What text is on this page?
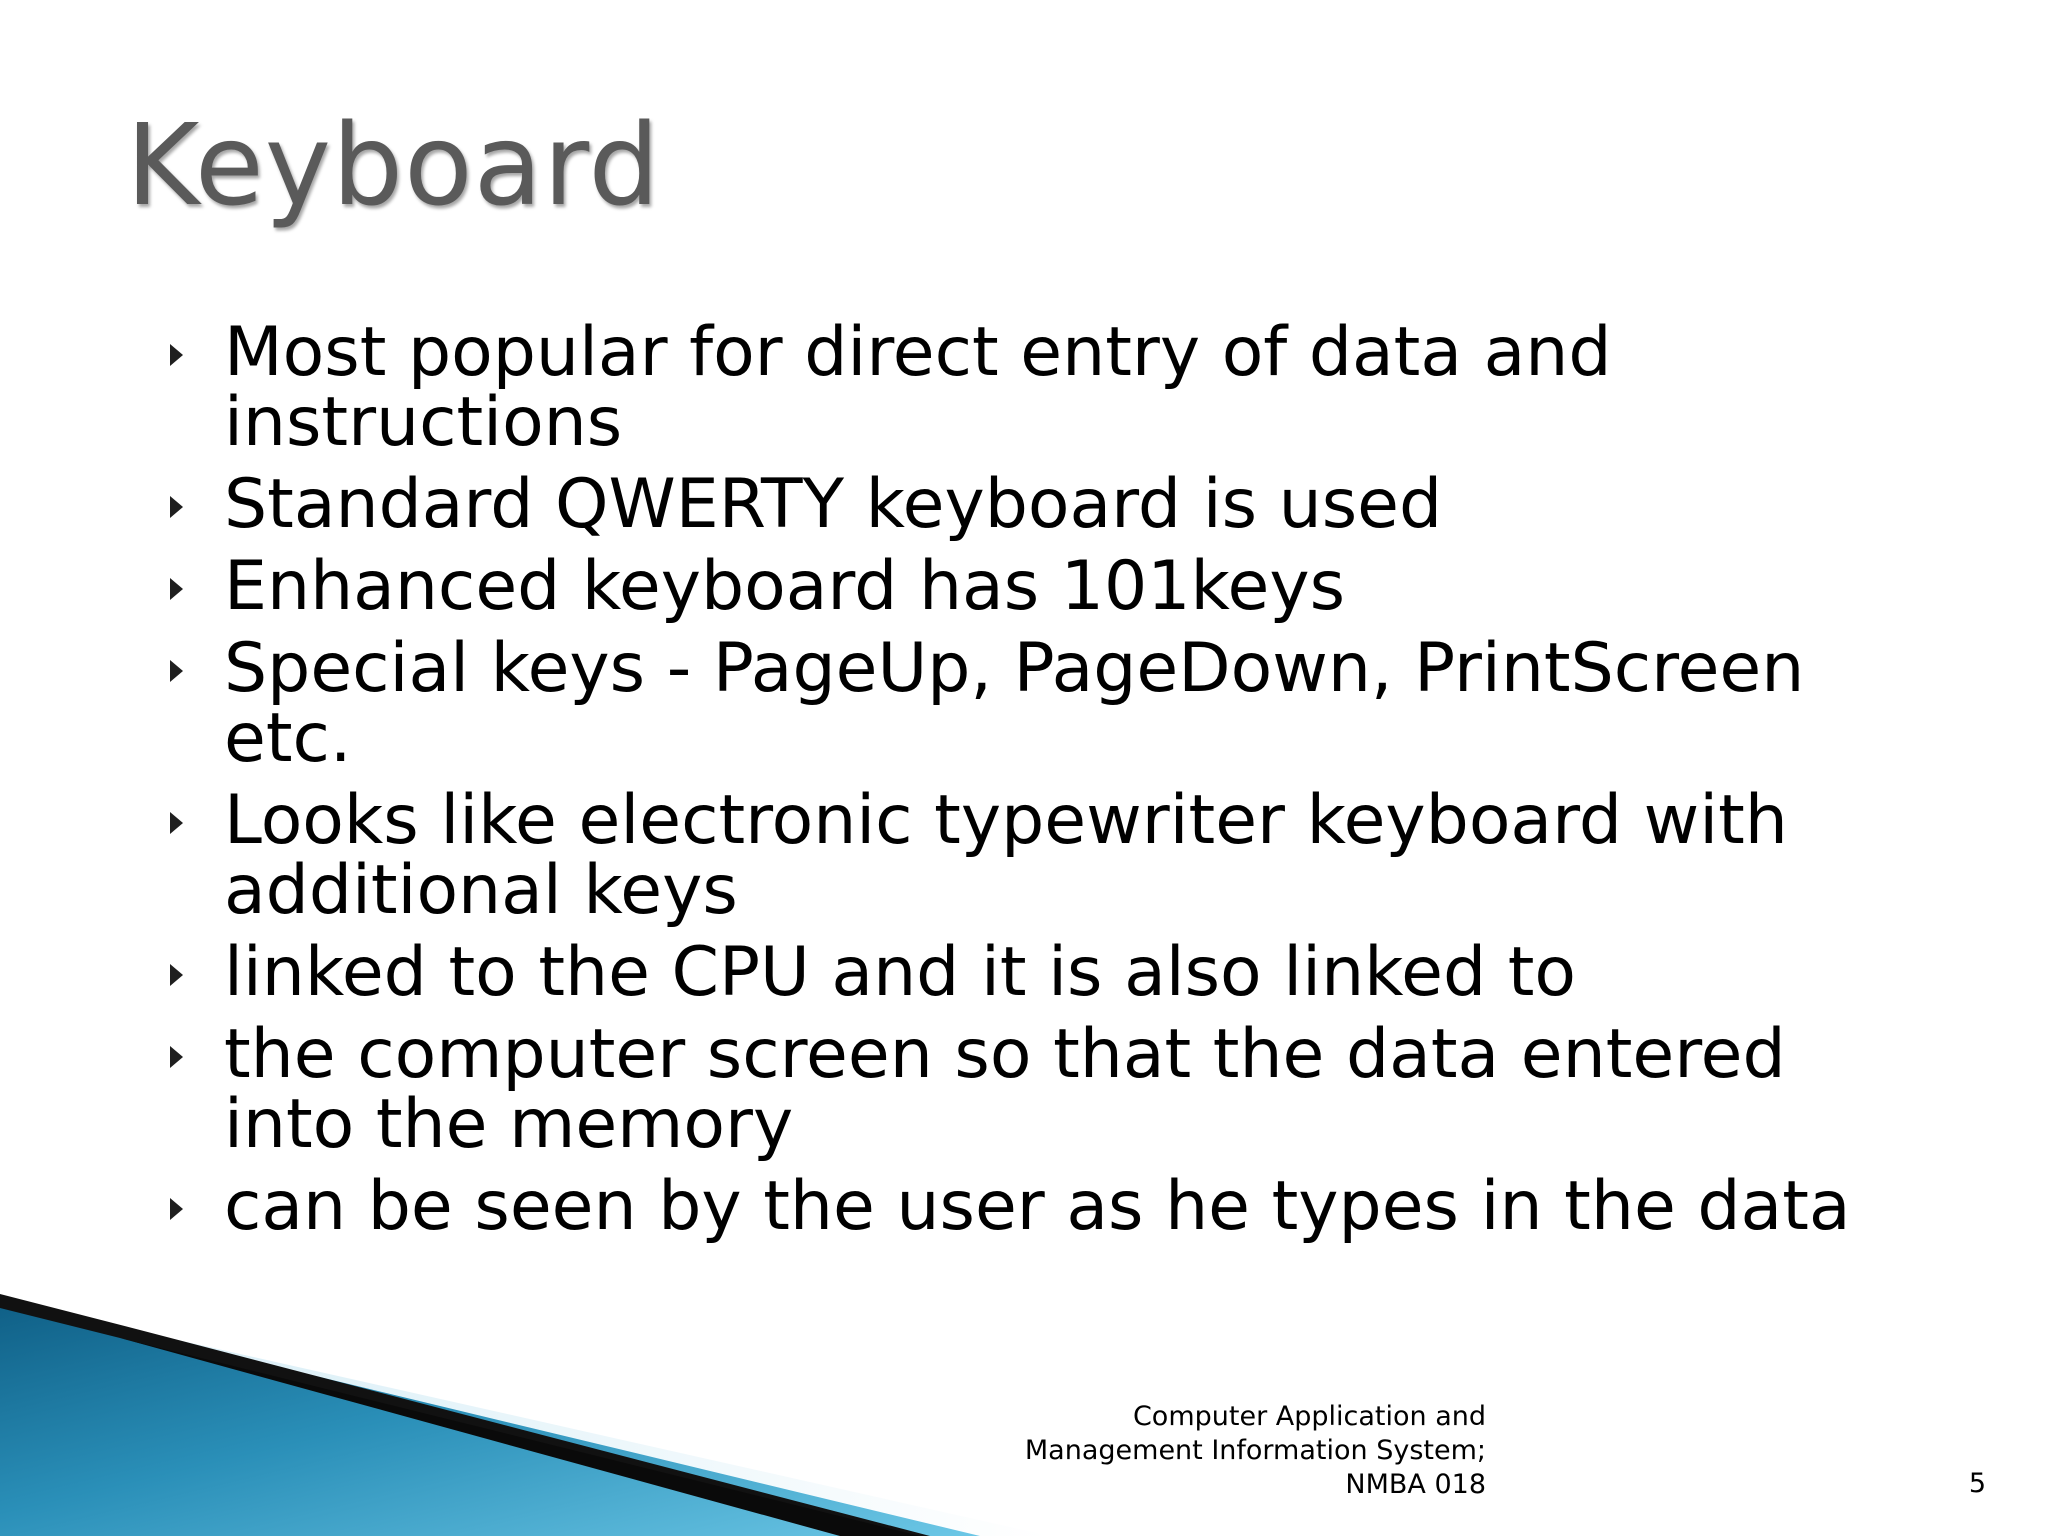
Keyboard
Most popular for direct entry of data and instructions
Standard QWERTY keyboard is used
Enhanced keyboard has 101keys
Special keys - PageUp, PageDown, PrintScreen etc.
Looks like electronic typewriter keyboard with additional keys
linked to the CPU and it is also linked to
the computer screen so that the data entered into the memory
can be seen by the user as he types in the data
Computer Application and
Management Information System;
NMBA 018	5
